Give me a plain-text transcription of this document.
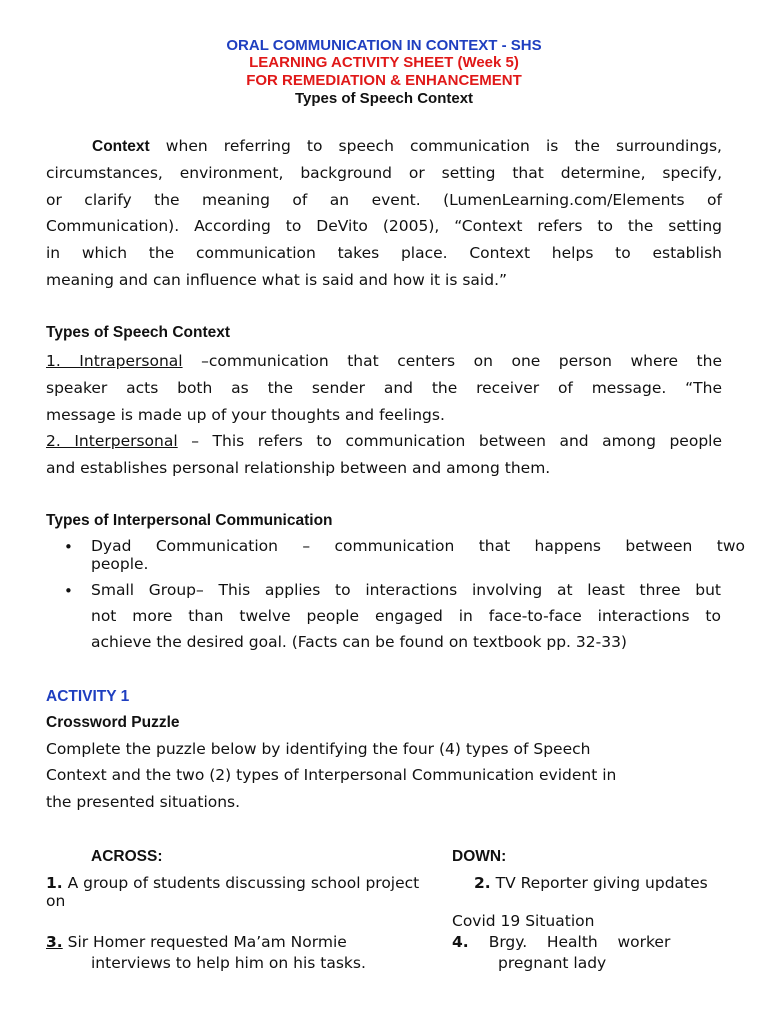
ORAL COMMUNICATION IN CONTEXT - SHS
LEARNING ACTIVITY SHEET (Week 5)
FOR REMEDIATION & ENHANCEMENT
Types of Speech Context
Context when referring to speech communication is the surroundings,
circumstances, environment, background or setting that determine, specify,
or clarify the meaning of an event. (LumenLearning.com/Elements of
Communication). According to DeVito (2005), “Context refers to the setting
in which the communication takes place. Context helps to establish
meaning and can influence what is said and how it is said.”
Types of Speech Context
1. Intrapersonal –communication that centers on one person where the
speaker acts both as the sender and the receiver of message. “The
message is made up of your thoughts and feelings.
2. Interpersonal – This refers to communication between and among people
and establishes personal relationship between and among them.
Types of Interpersonal Communication
• Dyad Communication – communication that happens between two
people.
• Small Group– This applies to interactions involving at least three but
not more than twelve people engaged in face-to-face interactions to
achieve the desired goal. (Facts can be found on textbook pp. 32-33)
ACTIVITY 1
Crossword Puzzle
Complete the puzzle below by identifying the four (4) types of Speech
Context and the two (2) types of Interpersonal Communication evident in
the presented situations.
ACROSS:	DOWN:
1. A group of students discussing school project
on
2. TV Reporter giving updates
Covid 19 Situation
3. Sir Homer requested Ma’am Normie
interviews to help him on his tasks.
4. Brgy.    Health    worker
pregnant lady
